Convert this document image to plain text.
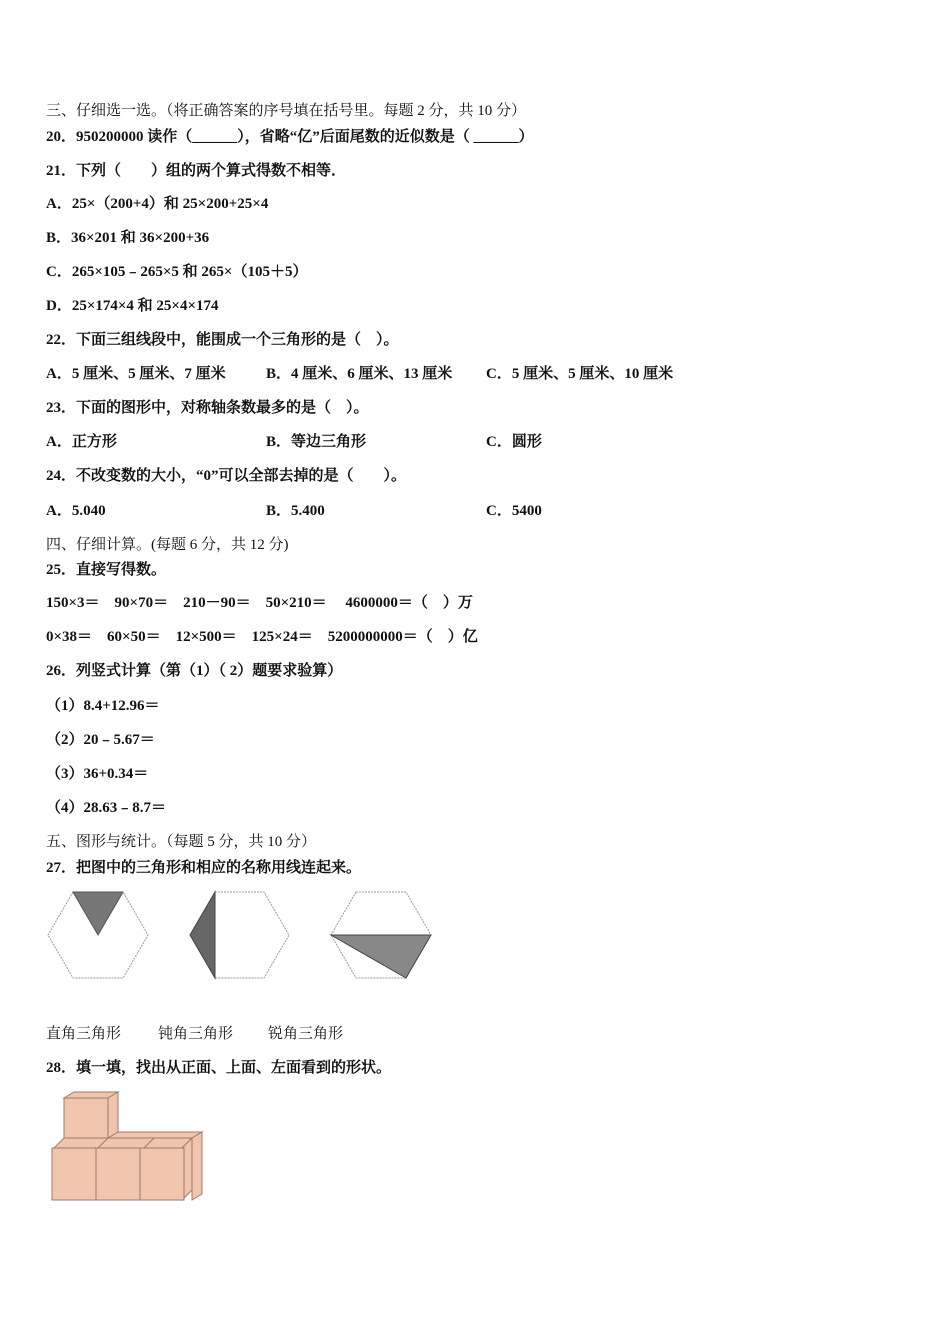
三、仔细选一选。（将正确答案的序号填在括号里。每题 2 分，共 10 分）
20．950200000 读作（______），省略“亿”后面尾数的近似数是（ ______）
21．下列（　　）组的两个算式得数不相等．
A．25×（200+4）和 25×200+25×4
B．36×201 和 36×200+36
C．265×105﹣265×5 和 265×（105＋5）
D．25×174×4 和 25×4×174
22．下面三组线段中，能围成一个三角形的是（　）。
A．5 厘米、5 厘米、7 厘米	B．4 厘米、6 厘米、13 厘米 C．5 厘米、5 厘米、10 厘米
23．下面的图形中，对称轴条数最多的是（　）。
A．正方形	B．等边三角形	C．圆形
24．不改变数的大小，“0”可以全部去掉的是（　　）。
A．5.040	B．5.400	C．5400
四、仔细计算。(每题 6 分，共 12 分)
25．直接写得数。
150×3＝　90×70＝　210－90＝　50×210＝　 4600000＝（　）万
0×38＝　60×50＝　12×500＝　125×24＝　5200000000＝（　）亿
26．列竖式计算（第（1）（ 2）题要求验算）
（1）8.4+12.96＝
（2）20﹣5.67＝
（3）36+0.34＝
（4）28.63﹣8.7＝
五、图形与统计。（每题 5 分，共 10 分）
27．把图中的三角形和相应的名称用线连起来。
直角三角形 钝角三角形 锐角三角形
28．填一填，找出从正面、上面、左面看到的形状。
